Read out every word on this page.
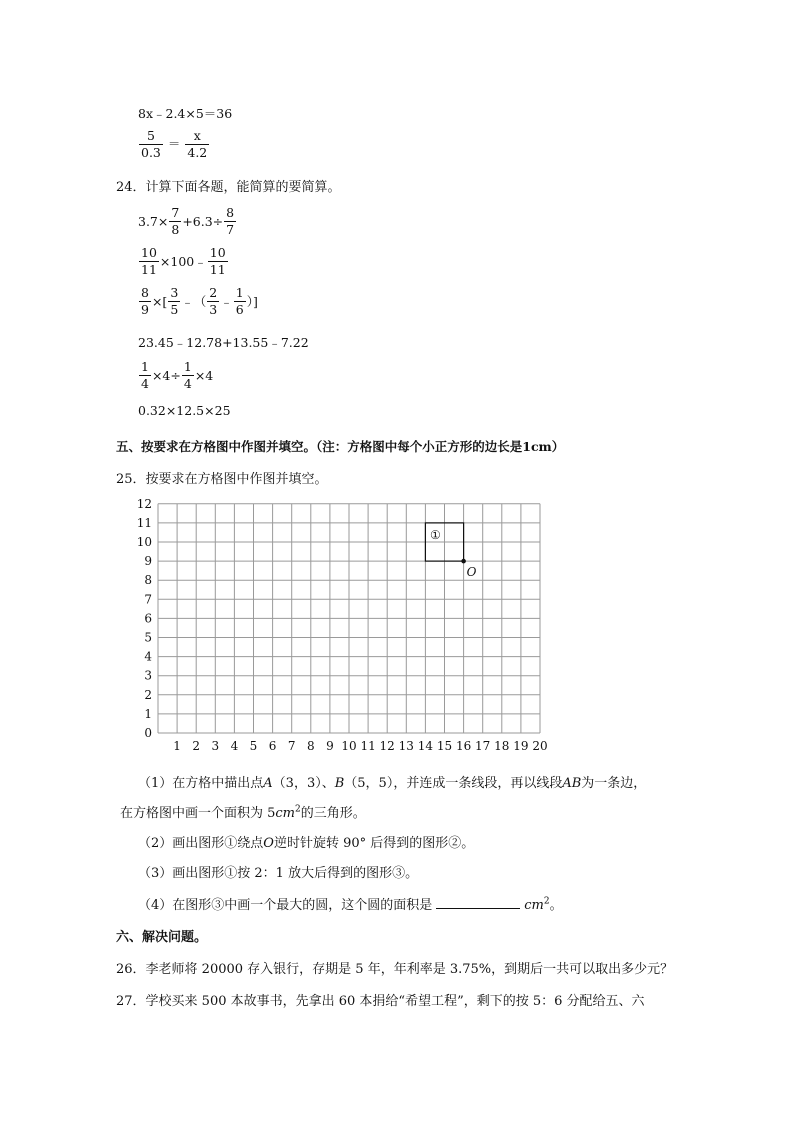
8x﹣2.4×5＝36
$\frac{5}{0.3} = \frac{x}{4.2}$
24．计算下面各题，能简算的要简算。
$3.7\times \frac{7}{8} +6.3\div \frac{8}{7}$
$\frac{10}{11}$ ×100﹣ $\frac{10}{11}$
$\frac{8}{9}$ ×[ $\frac{3}{5}$ ﹣（ $\frac{2}{3}$ ﹣ $\frac{1}{6}$ ）]
23.45﹣12.78+13.55﹣7.22
$\frac{1}{4} \times 4\div \frac{1}{4} \times 4$
0.32×12.5×25
五、按要求在方格图中作图并填空。（注：方格图中每个小正方形的边长是1cm）
25．按要求在方格图中作图并填空。
0
1
2
3
4
5
6
7
8
9
10
11
12
1 2 3 4 5 6 7 8 9 10 11 12 13 14 15 16 17 18 19 20
①
O
（1）在方格中描出点A（3，3）、B（5，5），并连成一条线段，再以线段AB为一条边，
在方格图中画一个面积为 $5cm^2$的三角形。
（2）画出图形①绕点O逆时针旋转 90° 后得到的图形②。
（3）画出图形①按 2：1 放大后得到的图形③。
（4）在图形③中画一个最大的圆，这个圆的面积是	$cm^2$。
六、解决问题。
26．李老师将 20000 存入银行，存期是 5 年，年利率是 3.75%，到期后一共可以取出多少元？
27．学校买来 500 本故事书，先拿出 60 本捐给“希望工程”，剩下的按 5：6 分配给五、六
